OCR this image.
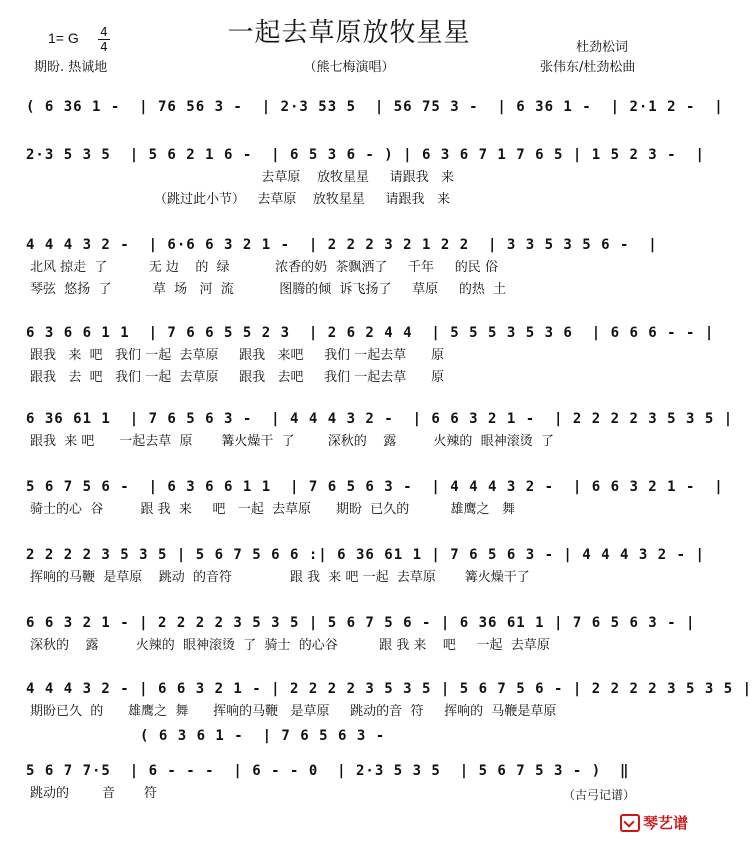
一起去草原放牧星星
1= G 4
4
期盼. 热诚地	（熊七梅演唱）
杜劲松词
张伟东/杜劲松曲
( 6 36 1 -  | 76 56 3 -  | 2·3 53 5  | 56 75 3 -  | 6 36 1 -  | 2·1 2 -  |
2·3 5 3 5  | 5 6 2 1 6 -  | 6 5 3 6 - ) | 6 3 6 7 1 7 6 5 | 1 5 2 3 -  |
去草原    放牧星星     请跟我   来
（跳过此小节）   去草原    放牧星星     请跟我   来
4 4 4 3 2 -  | 6·6 6 3 2 1 -  | 2 2 2 3 2 1 2 2  | 3 3 5 3 5 6 -  |
北风 掠走  了          无 边    的  绿           浓香的奶  茶飘洒了     千年     的民 俗
琴弦  悠扬  了          草  场   河  流           图腾的倾  诉飞扬了     草原     的热  土
6 3 6 6 1 1  | 7 6 6 5 5 2 3  | 2 6 2 4 4  | 5 5 5 3 5 3 6  | 6 6 6 - - |
跟我   来  吧   我们 一起  去草原     跟我   来吧     我们 一起去草      原
跟我   去  吧   我们 一起  去草原     跟我   去吧     我们 一起去草      原
6 36 61 1  | 7 6 5 6 3 -  | 4 4 4 3 2 -  | 6 6 3 2 1 -  | 2 2 2 2 3 5 3 5 |
跟我  来 吧      一起去草  原       篝火燥干  了        深秋的    露         火辣的  眼神滚烫  了
5 6 7 5 6 -  | 6 3 6 6 1 1  | 7 6 5 6 3 -  | 4 4 4 3 2 -  | 6 6 3 2 1 -  |
骑士的心  谷         跟 我  来     吧   一起  去草原      期盼  已久的          雄鹰之   舞
2 2 2 2 3 5 3 5 | 5 6 7 5 6 6 :| 6 36 61 1 | 7 6 5 6 3 - | 4 4 4 3 2 - |
挥响的马鞭  是草原    跳动  的音符              跟 我  来 吧 一起  去草原       篝火燥干了
6 6 3 2 1 - | 2 2 2 2 3 5 3 5 | 5 6 7 5 6 - | 6 36 61 1 | 7 6 5 6 3 - |
深秋的    露         火辣的  眼神滚烫  了  骑士  的心谷          跟 我 来    吧     一起  去草原
4 4 4 3 2 - | 6 6 3 2 1 - | 2 2 2 2 3 5 3 5 | 5 6 7 5 6 - | 2 2 2 2 3 5 3 5 |
期盼已久  的      雄鹰之  舞      挥响的马鞭   是草原     跳动的音  符     挥响的  马鞭是草原
5 6 7 7·5  | 6 - - -  | 6 - - 0  | 2·3 5 3 5  | 5 6 7 5 3 - )  ‖
跳动的        音       符
( 6 3 6 1 -  | 7 6 5 6 3 -
（古弓记谱）
琴艺谱
